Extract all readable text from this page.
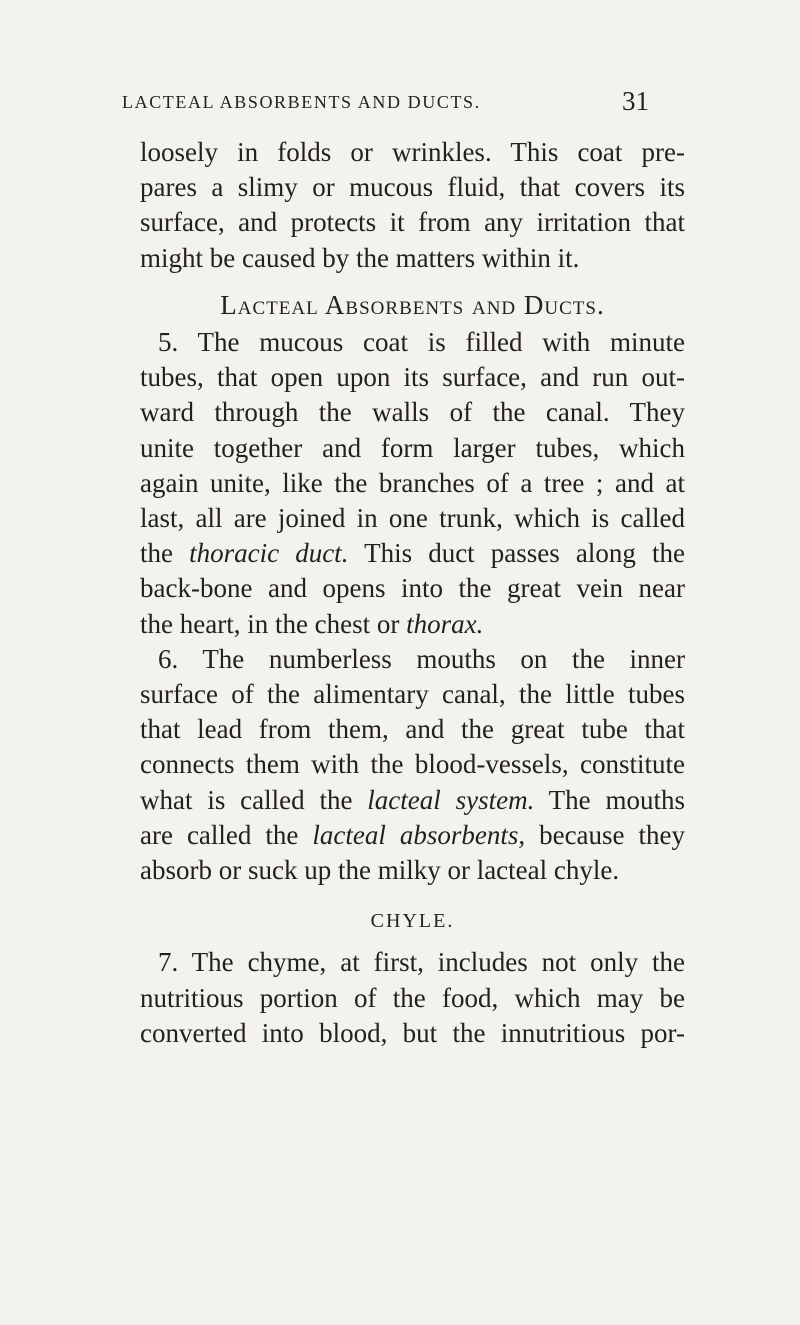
LACTEAL ABSORBENTS AND DUCTS.	31
loosely in folds or wrinkles. This coat pre-
pares a slimy or mucous fluid, that covers its
surface, and protects it from any irritation that
might be caused by the matters within it.
Lacteal Absorbents and Ducts.
5. The mucous coat is filled with minute
tubes, that open upon its surface, and run out-
ward through the walls of the canal. They
unite together and form larger tubes, which
again unite, like the branches of a tree ; and at
last, all are joined in one trunk, which is called
the thoracic duct. This duct passes along the
back-bone and opens into the great vein near
the heart, in the chest or thorax.
6. The numberless mouths on the inner
surface of the alimentary canal, the little tubes
that lead from them, and the great tube that
connects them with the blood-vessels, constitute
what is called the lacteal system. The mouths
are called the lacteal absorbents, because they
absorb or suck up the milky or lacteal chyle.
CHYLE.
7. The chyme, at first, includes not only the
nutritious portion of the food, which may be
converted into blood, but the innutritious por-
